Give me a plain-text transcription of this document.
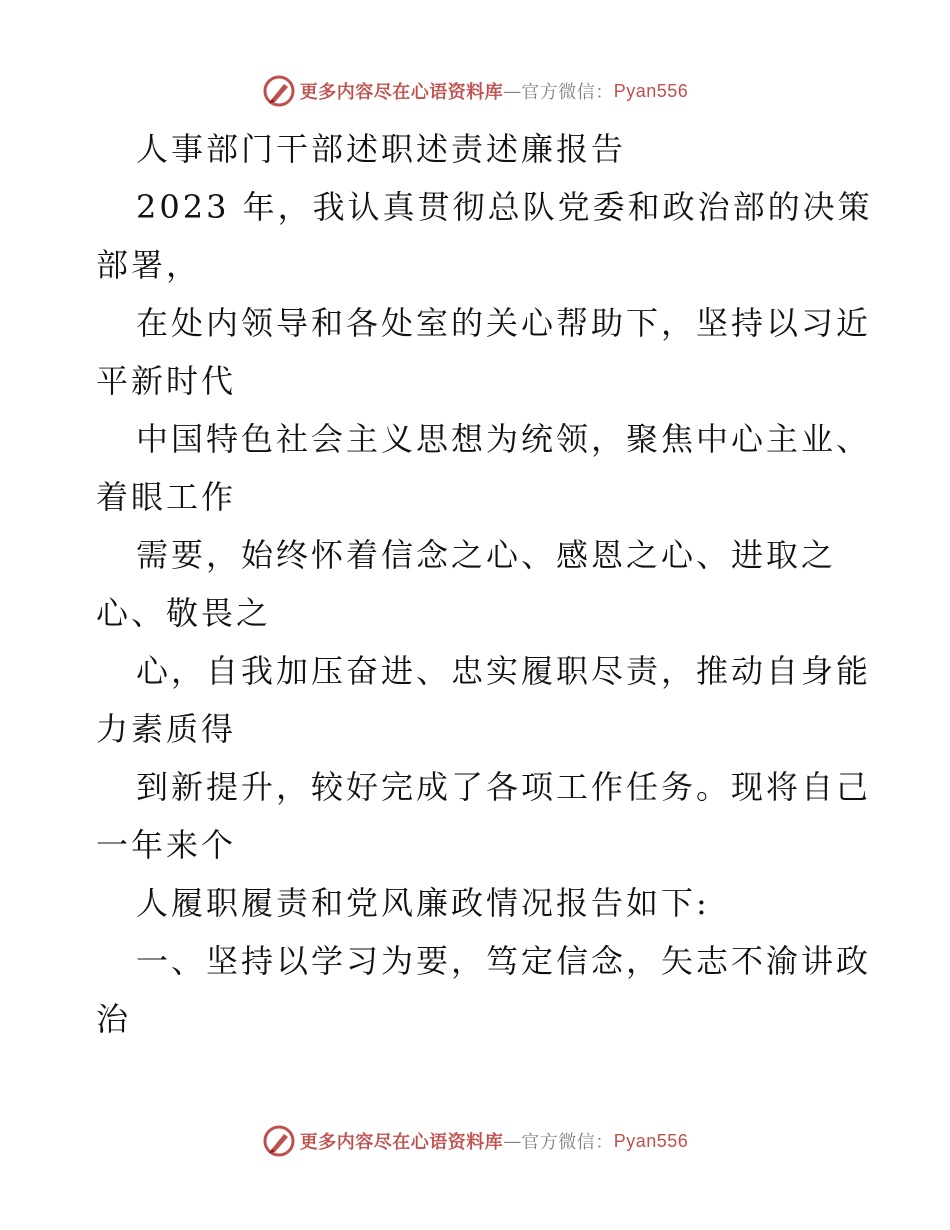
更多内容尽在心语资料库 — 官方微信： Pyan556
人事部门干部述职述责述廉报告
2023 年，我认真贯彻总队党委和政治部的决策
部署，
在处内领导和各处室的关心帮助下，坚持以习近
平新时代
中国特色社会主义思想为统领，聚焦中心主业、
着眼工作
需要，始终怀着信念之心、感恩之心、进取之
心、敬畏之
心，自我加压奋进、忠实履职尽责，推动自身能
力素质得
到新提升，较好完成了各项工作任务。现将自己
一年来个
人履职履责和党风廉政情况报告如下:
一、坚持以学习为要，笃定信念，矢志不渝讲政
治
更多内容尽在心语资料库 — 官方微信： Pyan556
